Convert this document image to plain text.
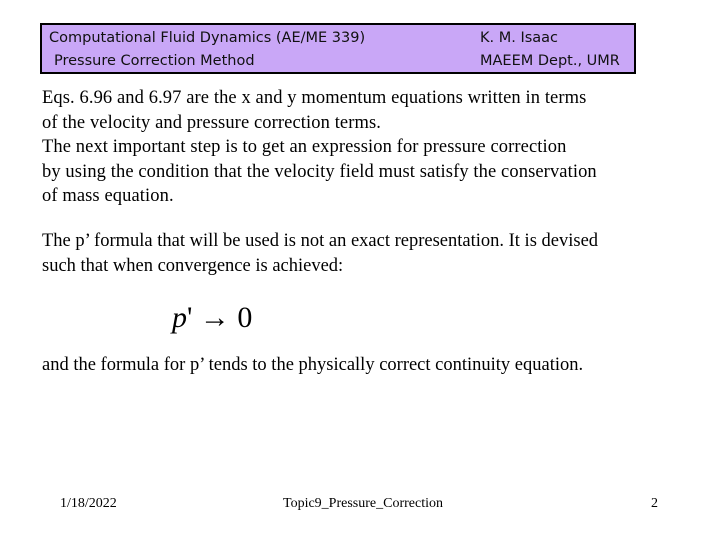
Computational Fluid Dynamics (AE/ME 339)
Pressure Correction Method
K. M. Isaac
MAEEM Dept., UMR
Eqs. 6.96 and 6.97 are the x and y momentum equations written in terms
of the velocity and pressure correction terms.
The next important step is to get an expression for pressure correction
by using the condition that the velocity field must satisfy the conservation
of mass equation.
The p’ formula that will be used is not an exact representation. It is devised
such that when convergence is achieved:
p' → 0
and the formula for p’ tends to the physically correct continuity equation.
1/18/2022	Topic9_Pressure_Correction	2
